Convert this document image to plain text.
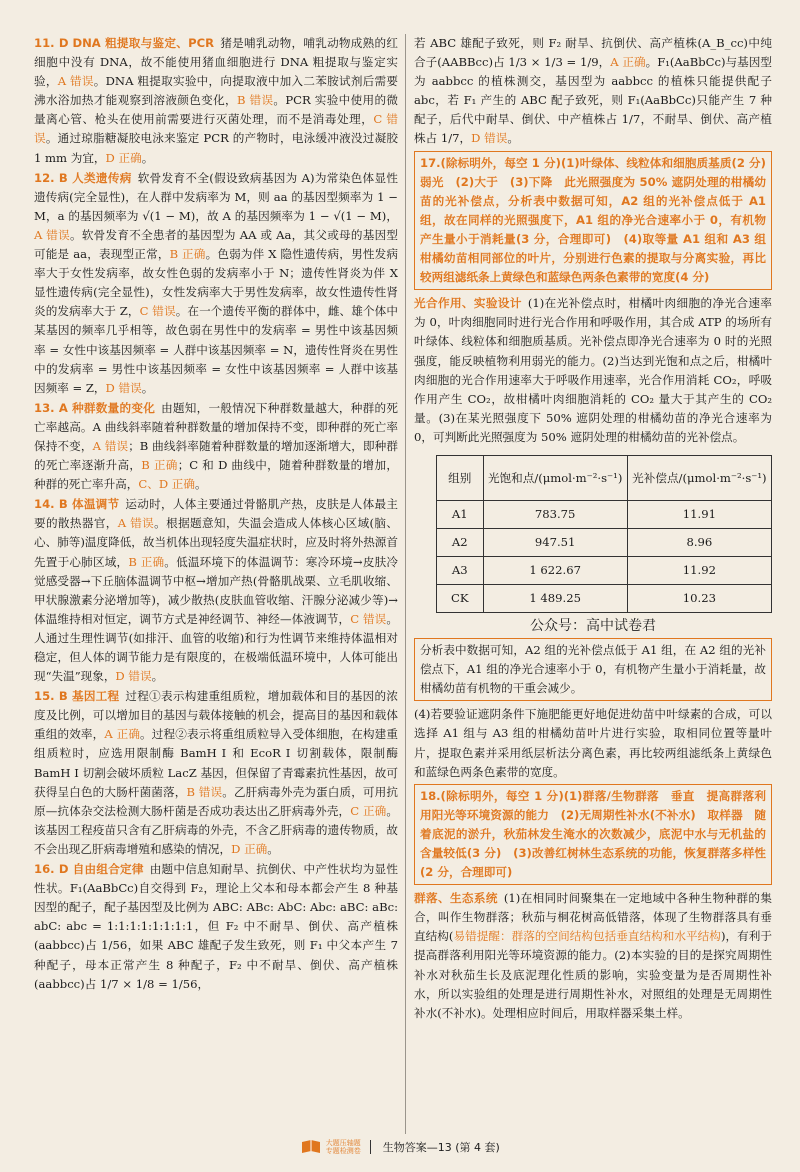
11. D DNA 粗提取与鉴定、PCR 猪是哺乳动物，哺乳动物成熟的红细胞中没有 DNA，故不能使用猪血细胞进行 DNA 粗提取与鉴定实验，A 错误。DNA 粗提取实验中，向提取液中加入二苯胺试剂后需要沸水浴加热才能观察到溶液颜色变化，B 错误。PCR 实验中使用的微量离心管、枪头在使用前需要进行灭菌处理，而不是消毒处理，C 错误。通过琼脂糖凝胶电泳来鉴定 PCR 的产物时，电泳缓冲液没过凝胶 1 mm 为宜，D 正确。

12. B 人类遗传病 软骨发育不全(假设致病基因为 A)为常染色体显性遗传病(完全显性)，在人群中发病率为 M，则 aa 的基因型频率为 1 − M，a 的基因频率为 √(1 − M)，故 A 的基因频率为 1 − √(1 − M)，A 错误。软骨发育不全患者的基因型为 AA 或 Aa，其父或母的基因型可能是 aa，表现型正常，B 正确。色弱为伴 X 隐性遗传病，男性发病率大于女性发病率，故女性色弱的发病率小于 N；遗传性肾炎为伴 X 显性遗传病(完全显性)，女性发病率大于男性发病率，故女性遗传性肾炎的发病率大于 Z，C 错误。在一个遗传平衡的群体中，雌、雄个体中某基因的频率几乎相等，故色弱在男性中的发病率 = 男性中该基因频率 = 女性中该基因频率 = 人群中该基因频率 = N，遗传性肾炎在男性中的发病率 = 男性中该基因频率 = 女性中该基因频率 = 人群中该基因频率 = Z，D 错误。

13. A 种群数量的变化 由题知，一般情况下种群数量越大，种群的死亡率越高。A 曲线斜率随着种群数量的增加保持不变，即种群的死亡率保持不变，A 错误；B 曲线斜率随着种群数量的增加逐渐增大，即种群的死亡率逐渐升高，B 正确；C 和 D 曲线中，随着种群数量的增加，种群的死亡率升高，C、D 正确。

14. B 体温调节 运动时，人体主要通过骨骼肌产热，皮肤是人体最主要的散热器官，A 错误。根据题意知，失温会造成人体核心区域(脑、心、肺等)温度降低，故当机体出现轻度失温症状时，应及时将外热源首先置于心肺区域，B 正确。低温环境下的体温调节：寒冷环境→皮肤冷觉感受器→下丘脑体温调节中枢→增加产热(骨骼肌战栗、立毛肌收缩、甲状腺激素分泌增加等)，减少散热(皮肤血管收缩、汗腺分泌减少等)→体温维持相对恒定，调节方式是神经调节、神经—体液调节，C 错误。人通过生理性调节(如排汗、血管的收缩)和行为性调节来维持体温相对稳定，但人体的调节能力是有限度的，在极端低温环境中，人体可能出现“失温”现象，D 错误。

15. B 基因工程 过程①表示构建重组质粒，增加载体和目的基因的浓度及比例，可以增加目的基因与载体接触的机会，提高目的基因和载体重组的效率，A 正确。过程②表示将重组质粒导入受体细胞，在构建重组质粒时，应选用限制酶 BamH Ⅰ 和 EcoR Ⅰ 切割载体，限制酶 BamH Ⅰ 切割会破坏质粒 LacZ 基因，但保留了青霉素抗性基因，故可获得呈白色的大肠杆菌菌落，B 错误。乙肝病毒外壳为蛋白质，可用抗原—抗体杂交法检测大肠杆菌是否成功表达出乙肝病毒外壳，C 正确。该基因工程疫苗只含有乙肝病毒的外壳，不含乙肝病毒的遗传物质，故不会出现乙肝病毒增殖和感染的情况，D 正确。

16. D 自由组合定律 由题中信息知耐旱、抗倒伏、中产性状均为显性性状。F₁(AaBbCc)自交得到 F₂，理论上父本和母本都会产生 8 种基因型的配子，配子基因型及比例为 ABC: ABc: AbC: Abc: aBC: aBc: abC: abc = 1:1:1:1:1:1:1:1，但 F₂ 中不耐旱、倒伏、高产植株(aabbcc)占 1/56，如果 ABC 雄配子发生致死，则 F₁ 中父本产生 7 种配子，母本正常产生 8 种配子，F₂ 中不耐旱、倒伏、高产植株(aabbcc)占 1/7 × 1/8 = 1/56，

若 ABC 雄配子致死，则 F₂ 耐旱、抗倒伏、高产植株(A_B_cc)中纯合子(AABBcc)占 1/3 × 1/3 = 1/9，A 正确。F₁(AaBbCc)与基因型为 aabbcc 的植株测交，基因型为 aabbcc 的植株只能提供配子 abc，若 F₁ 产生的 ABC 配子致死，则 F₁(AaBbCc)只能产生 7 种配子，后代中耐旱、倒伏、中产植株占 1/7，不耐旱、倒伏、高产植株占 1/7，D 错误。

17.(除标明外，每空 1 分)(1)叶绿体、线粒体和细胞质基质(2 分)　弱光　(2)大于　(3)下降　此光照强度为 50% 遮阴处理的柑橘幼苗的光补偿点，分析表中数据可知，A2 组的光补偿点低于 A1 组，故在同样的光照强度下，A1 组的净光合速率小于 0，有机物产生量小于消耗量(3 分，合理即可)　(4)取等量 A1 组和 A3 组柑橘幼苗相同部位的叶片，分别进行色素的提取与分离实验，再比较两组滤纸条上黄绿色和蓝绿色两条色素带的宽度(4 分)

光合作用、实验设计 (1)在光补偿点时，柑橘叶肉细胞的净光合速率为 0，叶肉细胞同时进行光合作用和呼吸作用，其合成 ATP 的场所有叶绿体、线粒体和细胞质基质。光补偿点即净光合速率为 0 时的光照强度，能反映植物利用弱光的能力。(2)当达到光饱和点之后，柑橘叶肉细胞的光合作用速率大于呼吸作用速率，光合作用消耗 CO₂，呼吸作用产生 CO₂，故柑橘叶肉细胞消耗的 CO₂ 量大于其产生的 CO₂ 量。(3)在某光照强度下 50% 遮阴处理的柑橘幼苗的净光合速率为 0，可判断此光照强度为 50% 遮阴处理的柑橘幼苗的光补偿点。

组别	光饱和点/(μmol·m⁻²·s⁻¹)	光补偿点/(μmol·m⁻²·s⁻¹)
A1	783.75	11.91
A2	947.51	8.96
A3	1 622.67	11.92
CK	1 489.25	10.23
公众号：高中试卷君
分析表中数据可知，A2 组的光补偿点低于 A1 组，在 A2 组的光补偿点下，A1 组的净光合速率小于 0，有机物产生量小于消耗量，故柑橘幼苗有机物的干重会减少。

(4)若要验证遮阴条件下施肥能更好地促进幼苗中叶绿素的合成，可以选择 A1 组与 A3 组的柑橘幼苗叶片进行实验，取相同位置等量叶片，提取色素并采用纸层析法分离色素，再比较两组滤纸条上黄绿色和蓝绿色两条色素带的宽度。

18.(除标明外，每空 1 分)(1)群落/生物群落　垂直　提高群落利用阳光等环境资源的能力　(2)无周期性补水(不补水)　取样器　随着底泥的淤升，秋茄林发生淹水的次数减少，底泥中水与无机盐的含量较低(3 分)　(3)改善红树林生态系统的功能，恢复群落多样性(2 分，合理即可)

群落、生态系统 (1)在相同时间聚集在一定地域中各种生物种群的集合，叫作生物群落；秋茄与桐花树高低错落，体现了生物群落具有垂直结构(易错提醒：群落的空间结构包括垂直结构和水平结构)，有利于提高群落利用阳光等环境资源的能力。(2)本实验的目的是探究周期性补水对秋茄生长及底泥理化性质的影响，实验变量为是否周期性补水，所以实验组的处理是进行周期性补水，对照组的处理是无周期性补水(不补水)。处理相应时间后，用取样器采集土样。

大题压轴题
专题检测卷 生物答案—13 (第 4 套)
